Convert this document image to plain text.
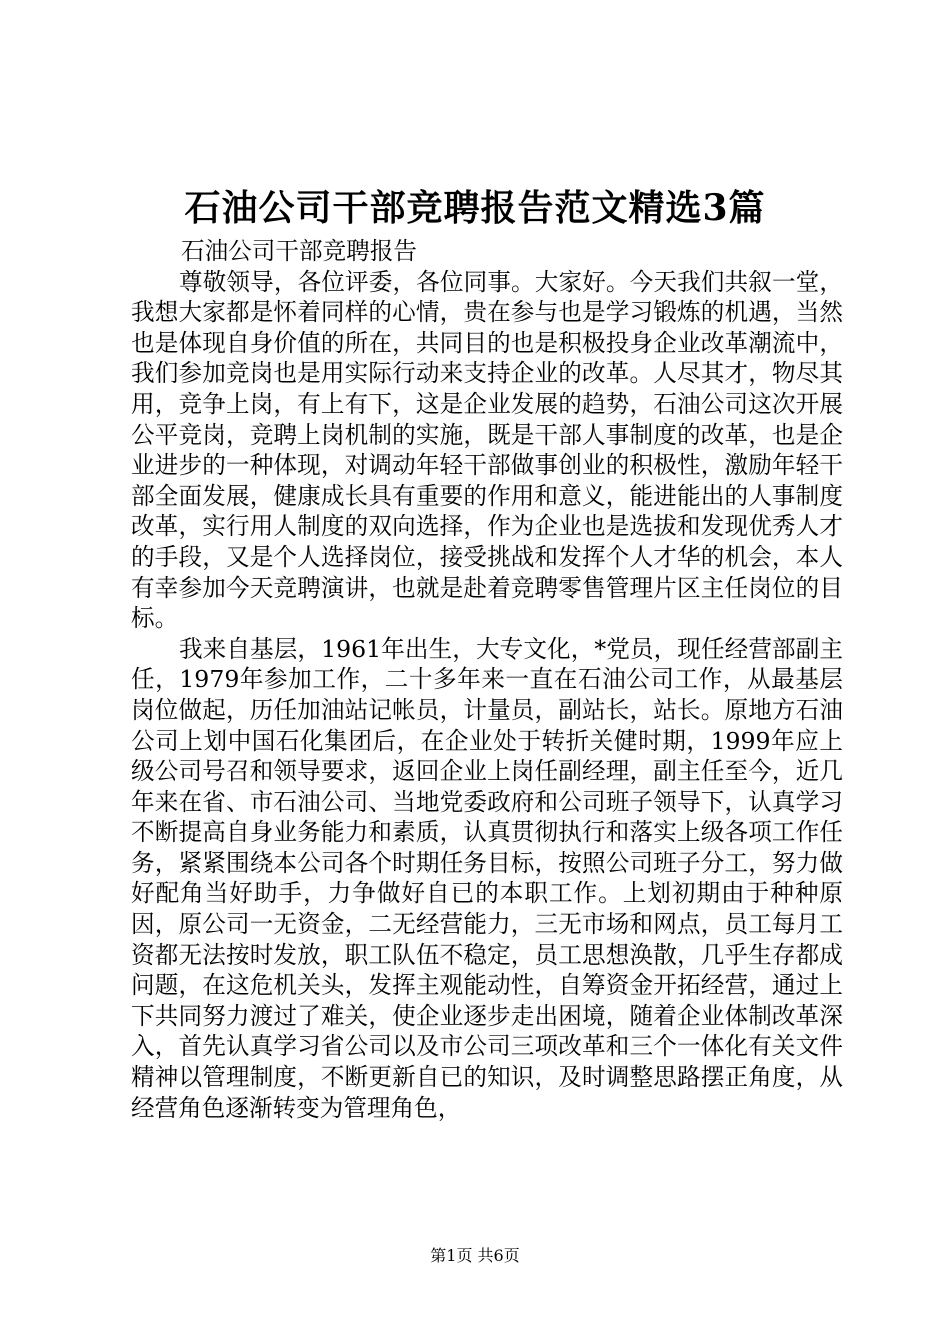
石油公司干部竞聘报告范文精选3篇

石油公司干部竞聘报告

尊敬领导，各位评委，各位同事。大家好。今天我们共叙一堂，我想大家都是怀着同样的心情，贵在参与也是学习锻炼的机遇，当然也是体现自身价值的所在，共同目的也是积极投身企业改革潮流中，我们参加竞岗也是用实际行动来支持企业的改革。人尽其才，物尽其用，竞争上岗，有上有下，这是企业发展的趋势，石油公司这次开展公平竞岗，竞聘上岗机制的实施，既是干部人事制度的改革，也是企业进步的一种体现，对调动年轻干部做事创业的积极性，激励年轻干部全面发展，健康成长具有重要的作用和意义，能进能出的人事制度改革，实行用人制度的双向选择，作为企业也是选拔和发现优秀人才的手段，又是个人选择岗位，接受挑战和发挥个人才华的机会，本人有幸参加今天竞聘演讲，也就是赴着竞聘零售管理片区主任岗位的目标。

我来自基层，1961年出生，大专文化，*党员，现任经营部副主任，1979年参加工作，二十多年来一直在石油公司工作，从最基层岗位做起，历任加油站记帐员，计量员，副站长，站长。原地方石油公司上划中国石化集团后，在企业处于转折关健时期，1999年应上级公司号召和领导要求，返回企业上岗任副经理，副主任至今，近几年来在省、市石油公司、当地党委政府和公司班子领导下，认真学习不断提高自身业务能力和素质，认真贯彻执行和落实上级各项工作任务，紧紧围绕本公司各个时期任务目标，按照公司班子分工，努力做好配角当好助手，力争做好自已的本职工作。上划初期由于种种原因，原公司一无资金，二无经营能力，三无市场和网点，员工每月工资都无法按时发放，职工队伍不稳定，员工思想涣散，几乎生存都成问题，在这危机关头，发挥主观能动性，自筹资金开拓经营，通过上下共同努力渡过了难关，使企业逐步走出困境，随着企业体制改革深入，首先认真学习省公司以及市公司三项改革和三个一体化有关文件精神以管理制度，不断更新自已的知识，及时调整思路摆正角度，从经营角色逐渐转变为管理角色，

第1页 共6页
